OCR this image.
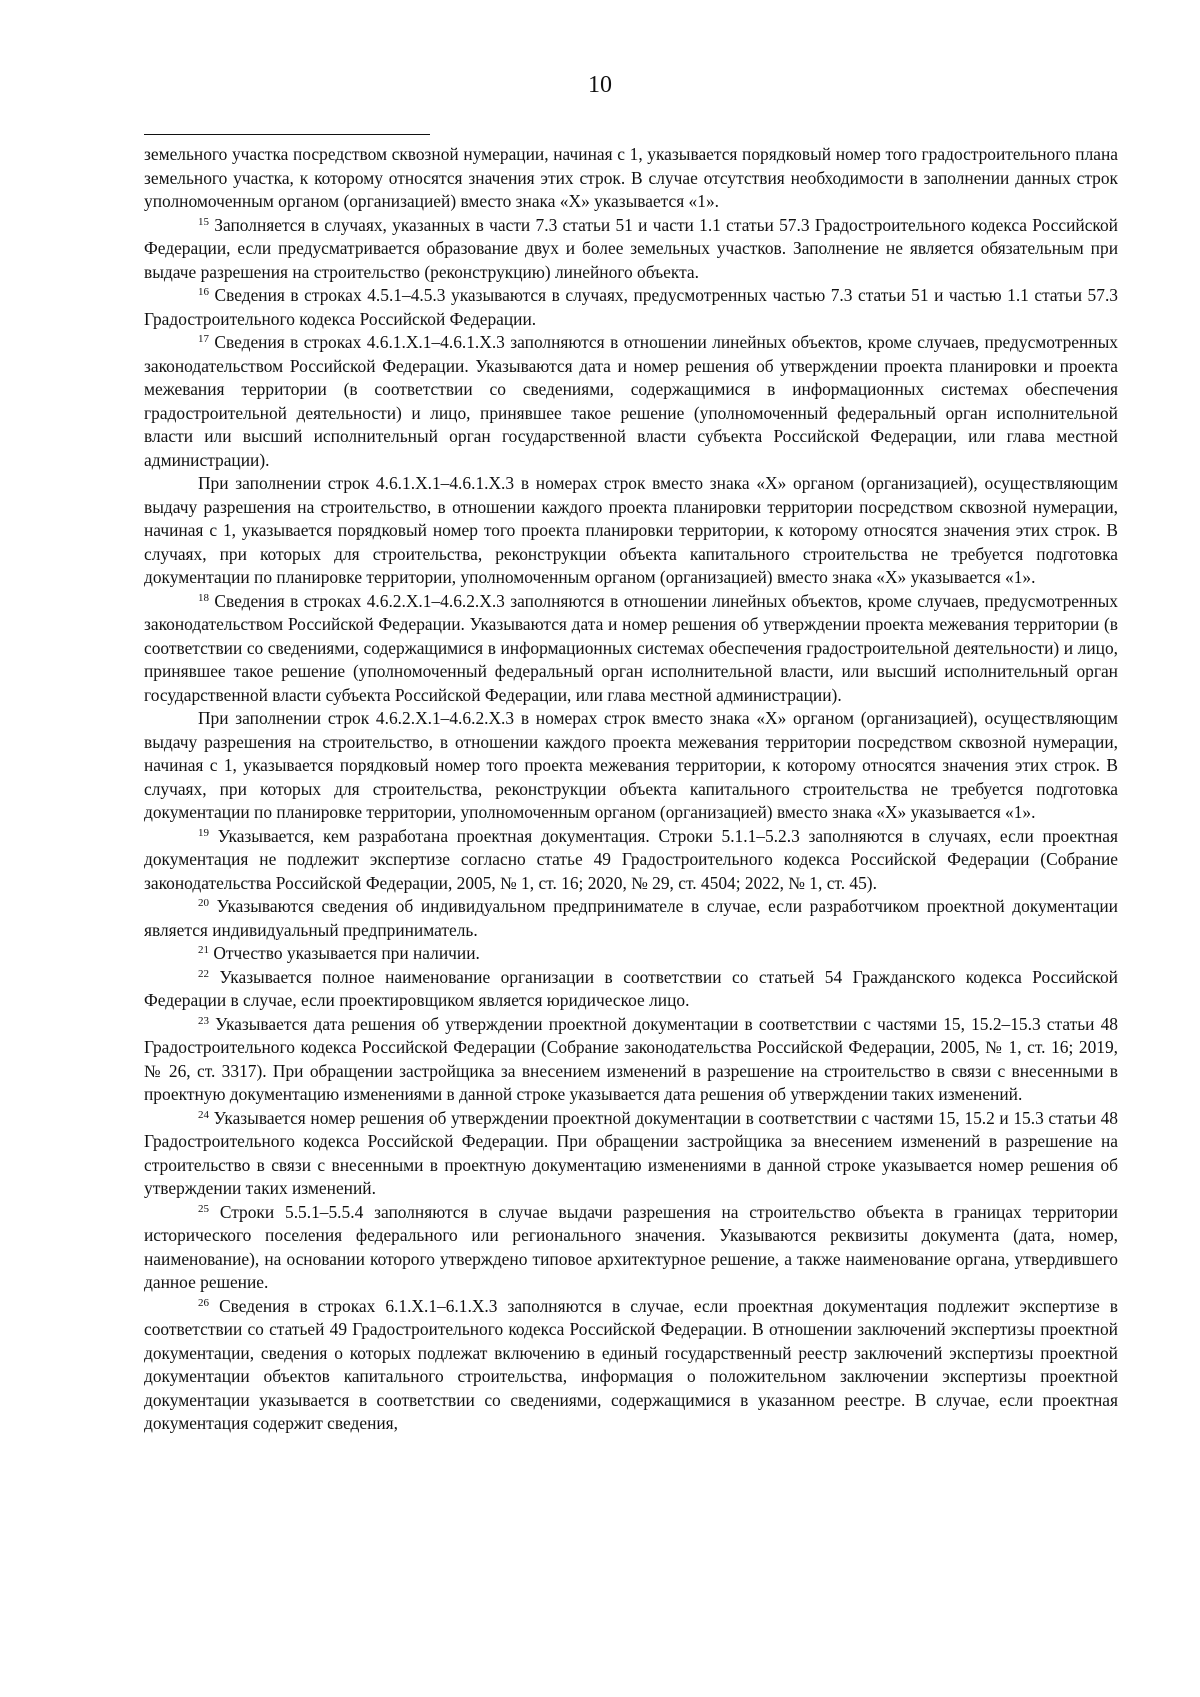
10

земельного участка посредством сквозной нумерации, начиная с 1, указывается порядковый номер того градостроительного плана земельного участка, к которому относятся значения этих строк. В случае отсутствия необходимости в заполнении данных строк уполномоченным органом (организацией) вместо знака «X» указывается «1».

$^{15}$ Заполняется в случаях, указанных в части 7.3 статьи 51 и части 1.1 статьи 57.3 Градостроительного кодекса Российской Федерации, если предусматривается образование двух и более земельных участков. Заполнение не является обязательным при выдаче разрешения на строительство (реконструкцию) линейного объекта.

$^{16}$ Сведения в строках 4.5.1–4.5.3 указываются в случаях, предусмотренных частью 7.3 статьи 51 и частью 1.1 статьи 57.3 Градостроительного кодекса Российской Федерации.

$^{17}$ Сведения в строках 4.6.1.X.1–4.6.1.X.3 заполняются в отношении линейных объектов, кроме случаев, предусмотренных законодательством Российской Федерации. Указываются дата и номер решения об утверждении проекта планировки и проекта межевания территории (в соответствии со сведениями, содержащимися в информационных системах обеспечения градостроительной деятельности) и лицо, принявшее такое решение (уполномоченный федеральный орган исполнительной власти или высший исполнительный орган государственной власти субъекта Российской Федерации, или глава местной администрации).

При заполнении строк 4.6.1.X.1–4.6.1.X.3 в номерах строк вместо знака «X» органом (организацией), осуществляющим выдачу разрешения на строительство, в отношении каждого проекта планировки территории посредством сквозной нумерации, начиная с 1, указывается порядковый номер того проекта планировки территории, к которому относятся значения этих строк. В случаях, при которых для строительства, реконструкции объекта капитального строительства не требуется подготовка документации по планировке территории, уполномоченным органом (организацией) вместо знака «X» указывается «1».

$^{18}$ Сведения в строках 4.6.2.X.1–4.6.2.X.3 заполняются в отношении линейных объектов, кроме случаев, предусмотренных законодательством Российской Федерации. Указываются дата и номер решения об утверждении проекта межевания территории (в соответствии со сведениями, содержащимися в информационных системах обеспечения градостроительной деятельности) и лицо, принявшее такое решение (уполномоченный федеральный орган исполнительной власти, или высший исполнительный орган государственной власти субъекта Российской Федерации, или глава местной администрации).

При заполнении строк 4.6.2.X.1–4.6.2.X.3 в номерах строк вместо знака «X» органом (организацией), осуществляющим выдачу разрешения на строительство, в отношении каждого проекта межевания территории посредством сквозной нумерации, начиная с 1, указывается порядковый номер того проекта межевания территории, к которому относятся значения этих строк. В случаях, при которых для строительства, реконструкции объекта капитального строительства не требуется подготовка документации по планировке территории, уполномоченным органом (организацией) вместо знака «X» указывается «1».

$^{19}$ Указывается, кем разработана проектная документация. Строки 5.1.1–5.2.3 заполняются в случаях, если проектная документация не подлежит экспертизе согласно статье 49 Градостроительного кодекса Российской Федерации (Собрание законодательства Российской Федерации, 2005, № 1, ст. 16; 2020, № 29, ст. 4504; 2022, № 1, ст. 45).

$^{20}$ Указываются сведения об индивидуальном предпринимателе в случае, если разработчиком проектной документации является индивидуальный предприниматель.

$^{21}$ Отчество указывается при наличии.

$^{22}$ Указывается полное наименование организации в соответствии со статьей 54 Гражданского кодекса Российской Федерации в случае, если проектировщиком является юридическое лицо.

$^{23}$ Указывается дата решения об утверждении проектной документации в соответствии с частями 15, 15.2–15.3 статьи 48 Градостроительного кодекса Российской Федерации (Собрание законодательства Российской Федерации, 2005, № 1, ст. 16; 2019, № 26, ст. 3317). При обращении застройщика за внесением изменений в разрешение на строительство в связи с внесенными в проектную документацию изменениями в данной строке указывается дата решения об утверждении таких изменений.

$^{24}$ Указывается номер решения об утверждении проектной документации в соответствии с частями 15, 15.2 и 15.3 статьи 48 Градостроительного кодекса Российской Федерации. При обращении застройщика за внесением изменений в разрешение на строительство в связи с внесенными в проектную документацию изменениями в данной строке указывается номер решения об утверждении таких изменений.

$^{25}$ Строки 5.5.1–5.5.4 заполняются в случае выдачи разрешения на строительство объекта в границах территории исторического поселения федерального или регионального значения. Указываются реквизиты документа (дата, номер, наименование), на основании которого утверждено типовое архитектурное решение, а также наименование органа, утвердившего данное решение.

$^{26}$ Сведения в строках 6.1.X.1–6.1.X.3 заполняются в случае, если проектная документация подлежит экспертизе в соответствии со статьей 49 Градостроительного кодекса Российской Федерации. В отношении заключений экспертизы проектной документации, сведения о которых подлежат включению в единый государственный реестр заключений экспертизы проектной документации объектов капитального строительства, информация о положительном заключении экспертизы проектной документации указывается в соответствии со сведениями, содержащимися в указанном реестре. В случае, если проектная документация содержит сведения,
